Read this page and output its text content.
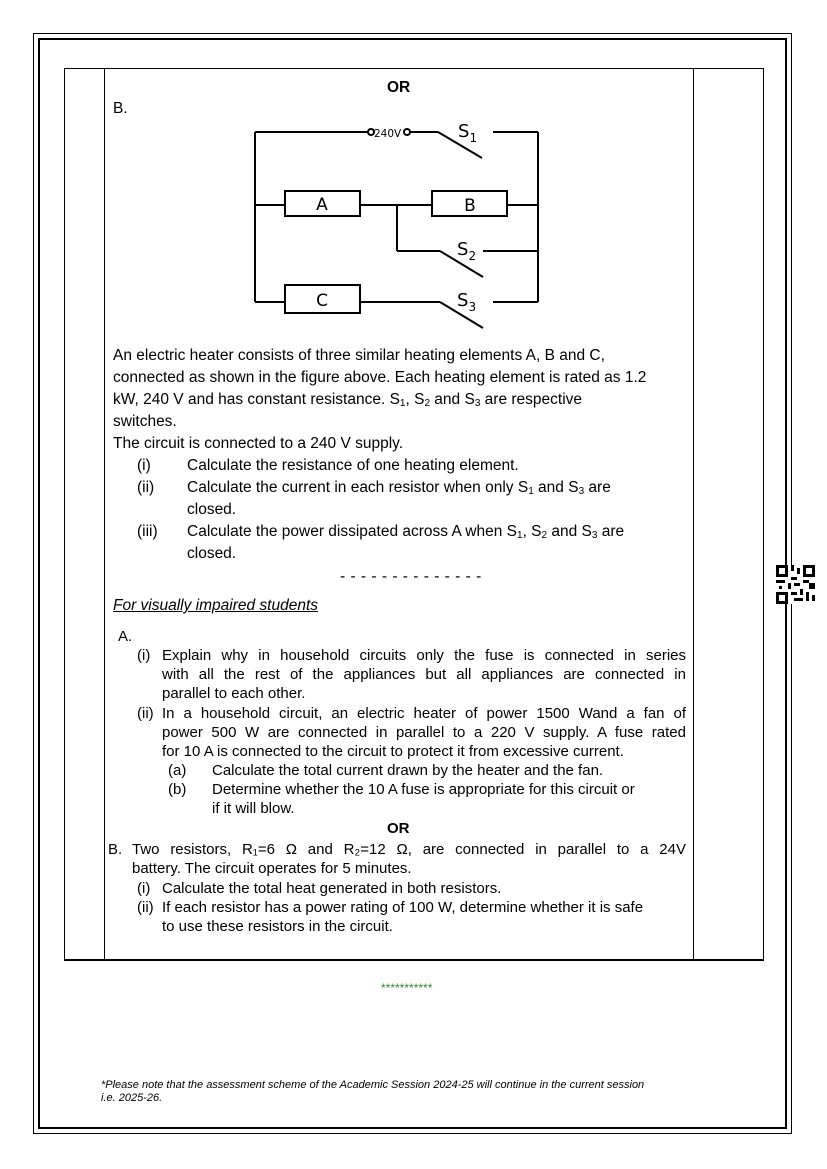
OR
B.
240V
A	B
C
$S_1$
$S_2$
$S_3$
An electric heater consists of three similar heating elements A, B and C,
connected as shown in the figure above. Each heating element is rated as 1.2
kW, 240 V and has constant resistance. $S_1$, $S_2$ and $S_3$ are respective
switches.
The circuit is connected to a 240 V supply.
(i) Calculate the resistance of one heating element.
(ii) Calculate the current in each resistor when only $S_1$ and $S_3$ are
closed.
(iii) Calculate the power dissipated across A when $S_1$, $S_2$ and $S_3$ are
closed.
- - - - - - - - - - - - - -
For visually impaired students
A.
(i) Explain why in household circuits only the fuse is connected in series
with all the rest of the appliances but all appliances are connected in
parallel to each other.
(ii) In a household circuit, an electric heater of power 1500 Wand a fan of
power 500 W are connected in parallel to a 220 V supply. A fuse rated
for 10 A is connected to the circuit to protect it from excessive current.
(a) Calculate the total current drawn by the heater and the fan.
(b) Determine whether the 10 A fuse is appropriate for this circuit or
if it will blow.
OR
B. Two resistors, R₁=6 Ω and R₂=12 Ω, are connected in parallel to a 24V
battery. The circuit operates for 5 minutes.
(i) Calculate the total heat generated in both resistors.
(ii) If each resistor has a power rating of 100 W, determine whether it is safe
to use these resistors in the circuit.
***********
*Please note that the assessment scheme of the Academic Session 2024-25 will continue in the current session
i.e. 2025-26.
